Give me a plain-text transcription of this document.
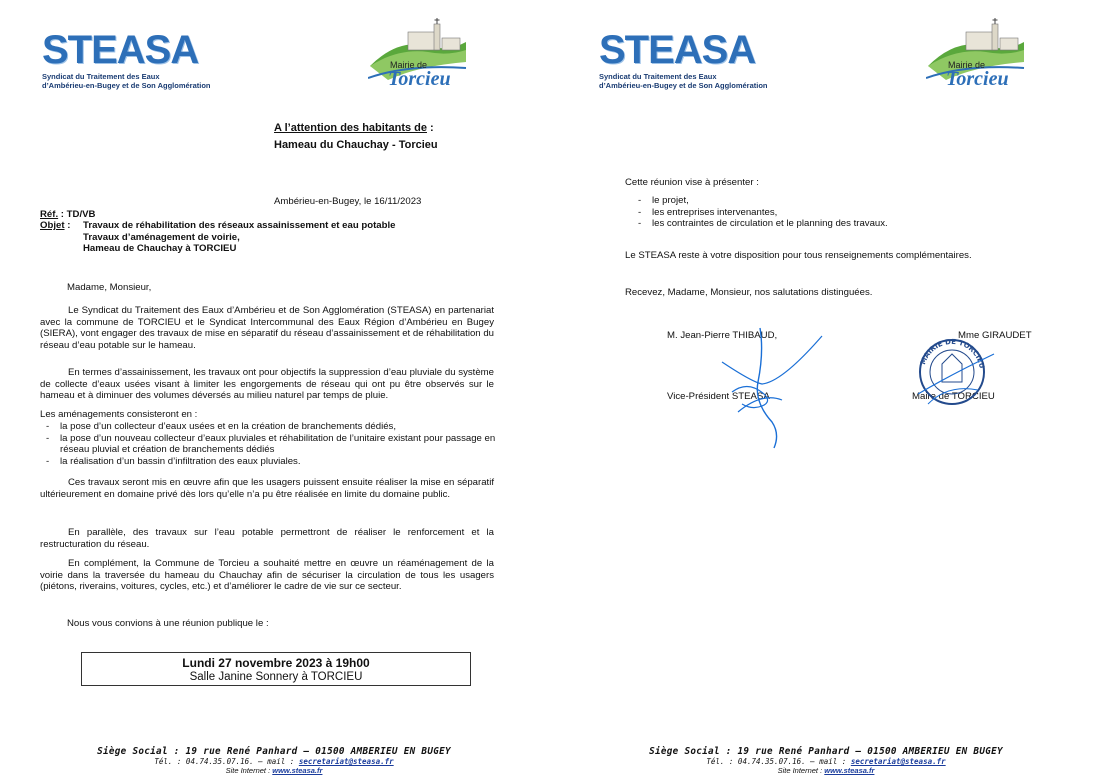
STEASA
Syndicat du Traitement des Eaux
d’Ambérieu-en-Bugey et de Son Agglomération
Mairie de
Torcieu
A l’attention des habitants de :
Hameau du Chauchay - Torcieu
Ambérieu-en-Bugey, le 16/11/2023
Réf. : TD/VB
Objet : Travaux de réhabilitation des réseaux assainissement et eau potable
Travaux d’aménagement de voirie,
Hameau de Chauchay à TORCIEU
Madame, Monsieur,
Le Syndicat du Traitement des Eaux d’Ambérieu et de Son Agglomération (STEASA) en partenariat avec la commune de TORCIEU et le Syndicat Intercommunal des Eaux Région d’Ambérieu en Bugey (SIERA), vont engager des travaux de mise en séparatif du réseau d’assainissement et de réhabilitation du réseau d’eau potable sur le hameau.
En termes d’assainissement, les travaux ont pour objectifs la suppression d’eau pluviale du système de collecte d’eaux usées visant à limiter les engorgements de réseau qui ont pu être observés sur le hameau et à diminuer des volumes déversés au milieu naturel par temps de pluie.
Les aménagements consisteront en :
- la pose d’un collecteur d’eaux usées et en la création de branchements dédiés,
- la pose d’un nouveau collecteur d’eaux pluviales et réhabilitation de l’unitaire existant pour passage en réseau pluvial et création de branchements dédiés
- la réalisation d’un bassin d’infiltration des eaux pluviales.
Ces travaux seront mis en œuvre afin que les usagers puissent ensuite réaliser la mise en séparatif ultérieurement en domaine privé dès lors qu’elle n’a pu être réalisée en limite du domaine public.
En parallèle, des travaux sur l’eau potable permettront de réaliser le renforcement et la restructuration du réseau.
En complément, la Commune de Torcieu a souhaité mettre en œuvre un réaménagement de la voirie dans la traversée du hameau du Chauchay afin de sécuriser la circulation de tous les usagers (piétons, riverains, voitures, cycles, etc.) et d’améliorer le cadre de vie sur ce secteur.
Nous vous convions à une réunion publique le :
Lundi 27 novembre 2023 à 19h00
Salle Janine Sonnery à TORCIEU
Siège Social : 19 rue René Panhard – 01500 AMBERIEU EN BUGEY
Tél. : 04.74.35.07.16. – mail : secretariat@steasa.fr
Site Internet : www.steasa.fr
STEASA
Syndicat du Traitement des Eaux
d’Ambérieu-en-Bugey et de Son Agglomération
Mairie de
Torcieu
Cette réunion vise à présenter :
- le projet,
- les entreprises intervenantes,
- les contraintes de circulation et le planning des travaux.
Le STEASA reste à votre disposition pour tous renseignements complémentaires.
Recevez, Madame, Monsieur, nos salutations distinguées.
M. Jean-Pierre THIBAUD,
Vice-Président STEASA
Mme GIRAUDET
Maire de TORCIEU
MAIRIE DE TORCIEU
Siège Social : 19 rue René Panhard – 01500 AMBERIEU EN BUGEY
Tél. : 04.74.35.07.16. – mail : secretariat@steasa.fr
Site Internet : www.steasa.fr
